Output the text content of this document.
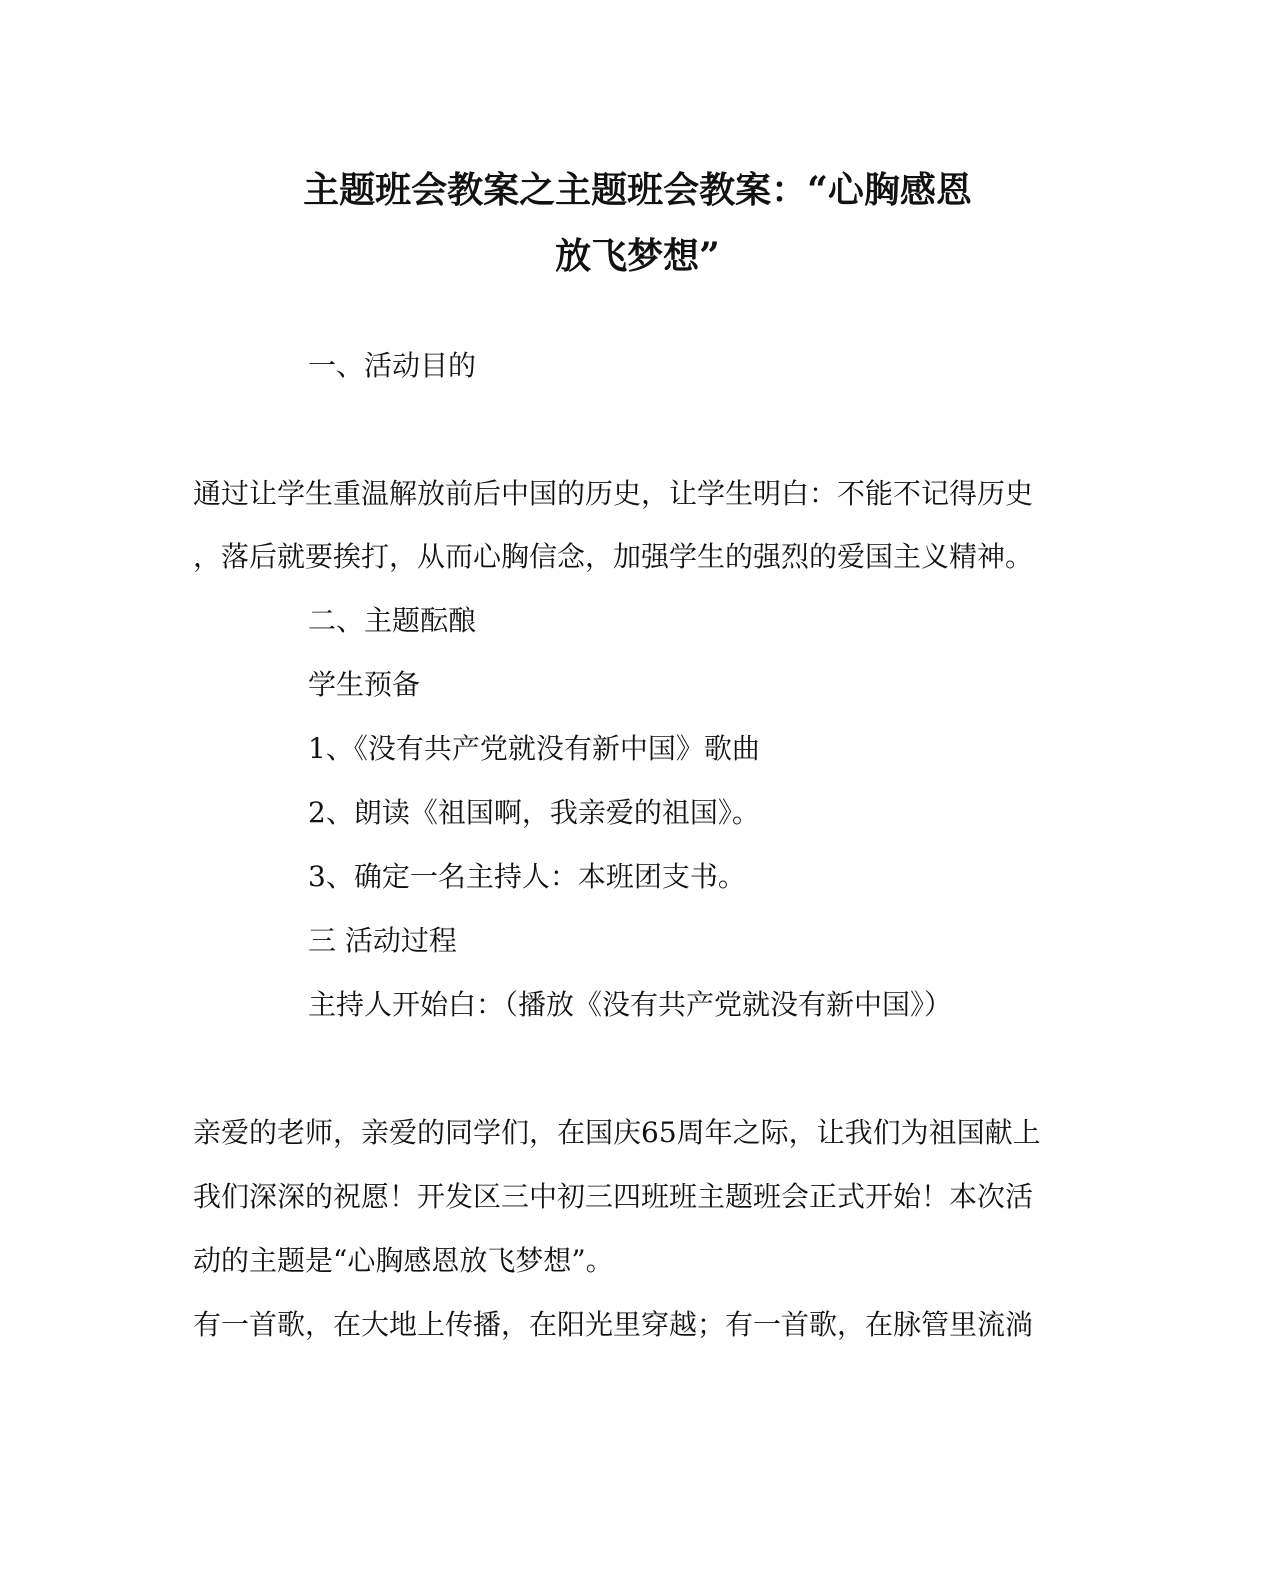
主题班会教案之主题班会教案：“心胸感恩
放飞梦想”
一、活动目的
通过让学生重温解放前后中国的历史，让学生明白：不能不记得历史
，落后就要挨打，从而心胸信念，加强学生的强烈的爱国主义精神。
二、主题酝酿
学生预备
1、《没有共产党就没有新中国》歌曲
2、朗读《祖国啊，我亲爱的祖国》。
3、确定一名主持人：本班团支书。
三 活动过程
主持人开始白：（播放《没有共产党就没有新中国》）
亲爱的老师，亲爱的同学们，在国庆65周年之际，让我们为祖国献上
我们深深的祝愿！开发区三中初三四班班主题班会正式开始！本次活
动的主题是“心胸感恩放飞梦想”。
有一首歌，在大地上传播，在阳光里穿越；有一首歌，在脉管里流淌
